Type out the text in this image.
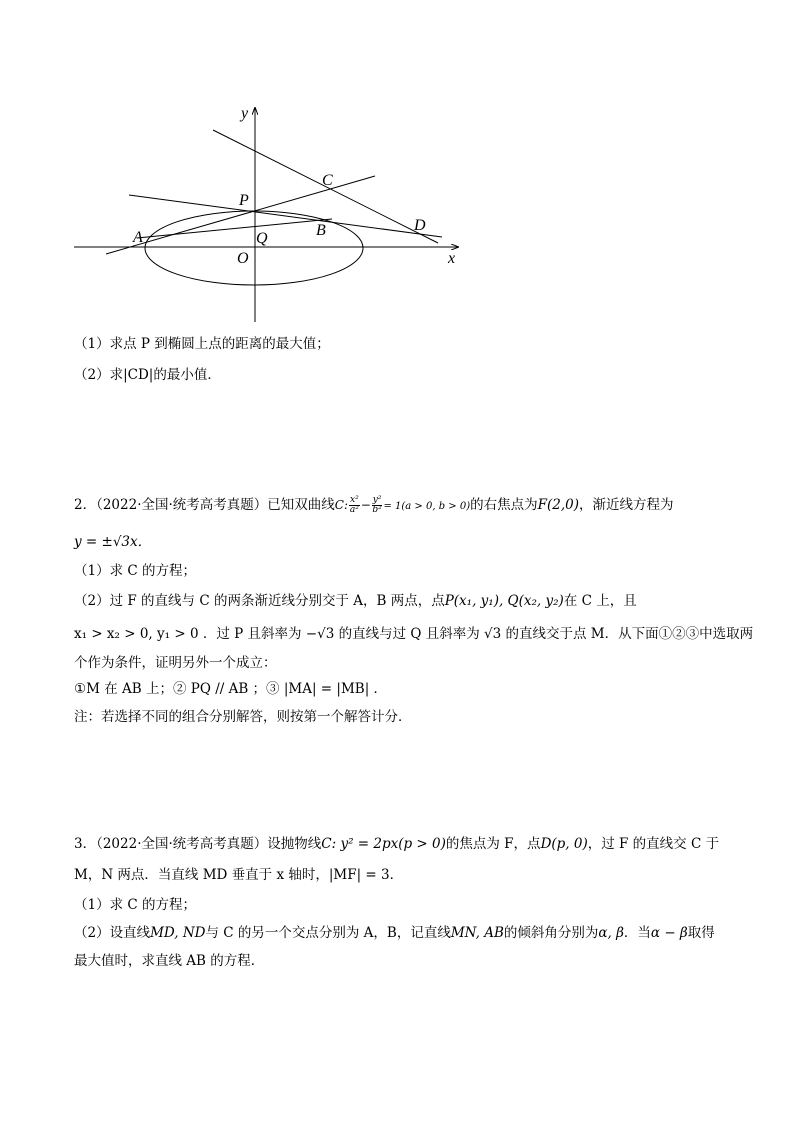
y
x
P
C
D
A	Q	B
O
（1）求点 P 到椭圆上点的距离的最大值；
（2）求|CD|的最小值．
2．（2022·全国·统考高考真题）已知双曲线C: $\frac{\text{x²}}{\text{a²}} - \frac{\text{y²}}{\text{b²}} = 1(a > 0$, b > 0)的右焦点为F(2,0)，渐近线方程为
y = ±√3x．
（1）求 C 的方程；
（2）过 F 的直线与 C 的两条渐近线分别交于 A，B 两点，点P(x₁, y₁), Q(x₂, y₂)在 C 上，且
x₁ > x₂ > 0, y₁ > 0 ．过 P 且斜率为 −√3 的直线与过 Q 且斜率为 √3 的直线交于点 M．从下面①②③中选取两
个作为条件，证明另外一个成立：
①M 在 AB 上；② PQ // AB ；③ |MA| = |MB| ．
注：若选择不同的组合分别解答，则按第一个解答计分．
3．（2022·全国·统考高考真题）设抛物线C: y² = 2px(p > 0)的焦点为 F，点D(p, 0)，过 F 的直线交 C 于
M，N 两点．当直线 MD 垂直于 x 轴时，|MF| = 3．
（1）求 C 的方程；
（2）设直线MD, ND与 C 的另一个交点分别为 A，B，记直线MN, AB的倾斜角分别为α, β．当α − β取得
最大值时，求直线 AB 的方程．
